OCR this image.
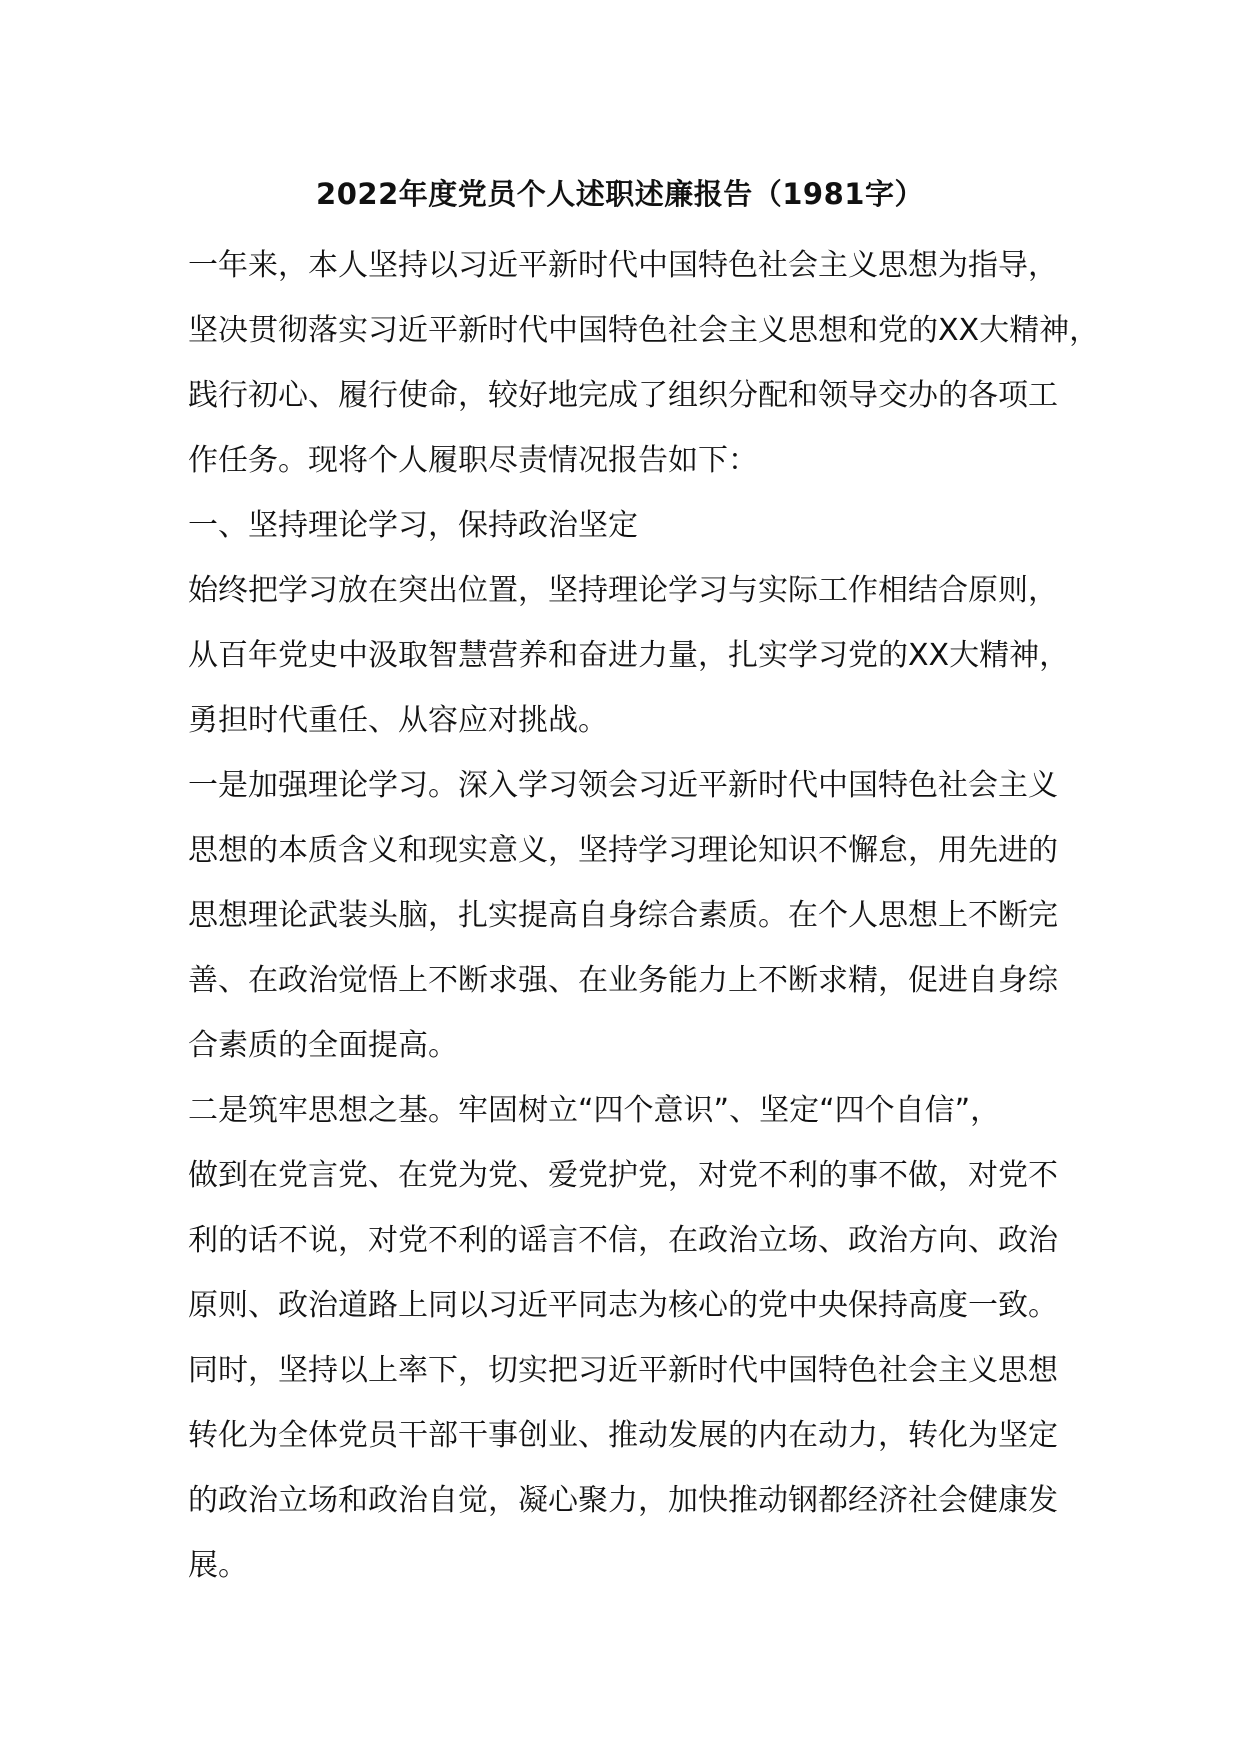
2022年度党员个人述职述廉报告（1981字）
一年来，本人坚持以习近平新时代中国特色社会主义思想为指导，
坚决贯彻落实习近平新时代中国特色社会主义思想和党的XX大精神，
践行初心、履行使命，较好地完成了组织分配和领导交办的各项工
作任务。现将个人履职尽责情况报告如下：
一、坚持理论学习，保持政治坚定
始终把学习放在突出位置，坚持理论学习与实际工作相结合原则，
从百年党史中汲取智慧营养和奋进力量，扎实学习党的XX大精神，
勇担时代重任、从容应对挑战。
一是加强理论学习。深入学习领会习近平新时代中国特色社会主义
思想的本质含义和现实意义，坚持学习理论知识不懈怠，用先进的
思想理论武装头脑，扎实提高自身综合素质。在个人思想上不断完
善、在政治觉悟上不断求强、在业务能力上不断求精，促进自身综
合素质的全面提高。
二是筑牢思想之基。牢固树立“四个意识”、坚定“四个自信”，
做到在党言党、在党为党、爱党护党，对党不利的事不做，对党不
利的话不说，对党不利的谣言不信，在政治立场、政治方向、政治
原则、政治道路上同以习近平同志为核心的党中央保持高度一致。
同时，坚持以上率下，切实把习近平新时代中国特色社会主义思想
转化为全体党员干部干事创业、推动发展的内在动力，转化为坚定
的政治立场和政治自觉，凝心聚力，加快推动钢都经济社会健康发
展。
